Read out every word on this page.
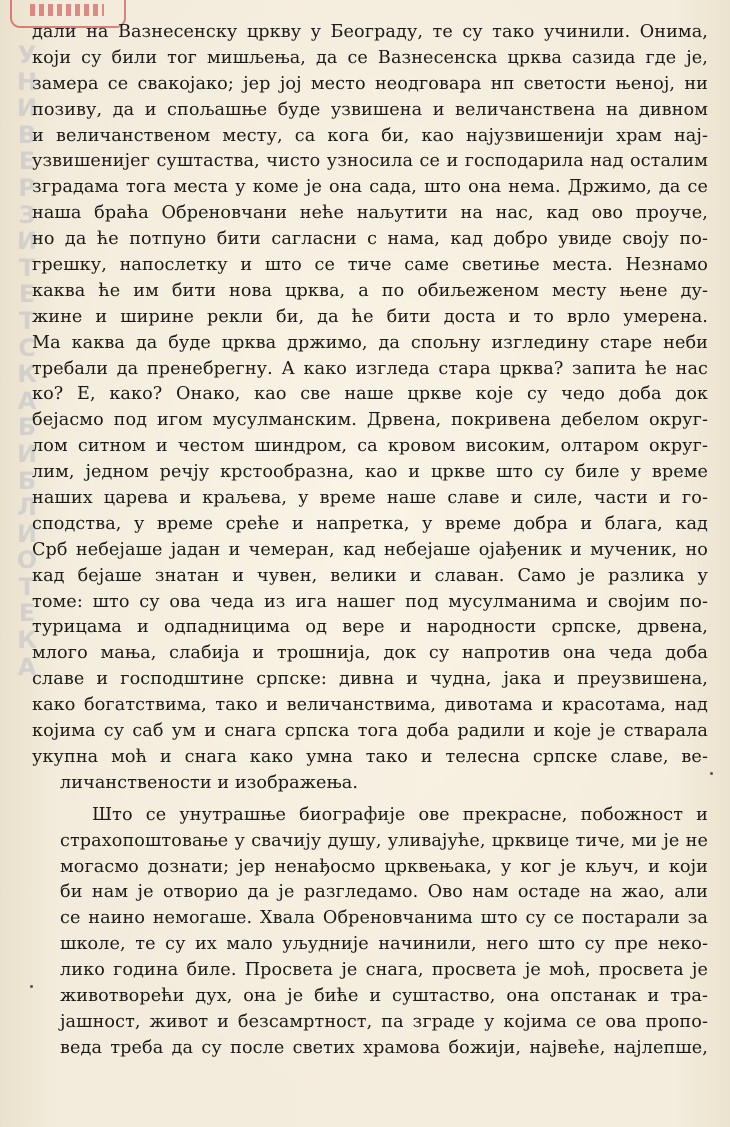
У
Н
И
В
Е
Р
З
И
Т
Е
Т
С
К
А
Б
И
Б
Л
И
О
Т
Е
К
А
дали на Вазнесенску цркву у Београду, те су тако учинили. Онима,
који су били тог мишљења, да се Вазнесенска црква сазида где је,
замера се свакојако; јер јој место неодговара нп светости њеној, ни
позиву, да и спољашње буде узвишена и величанствена на дивном
и величанственом месту, са кога би, као најузвишенији храм нај-
узвишенијег суштаства, чисто узносила се и господарила над осталим
зградама тога места у коме је она сада, што она нема. Држимо, да се
наша браћа Обреновчани неће наљутити на нас, кад ово проуче,
но да ће потпуно бити сагласни с нама, кад добро увиде своју по-
грешку, напослетку и што се тиче саме светиње места. Незнамо
каква ће им бити нова црква, а по обиљеженом месту њене ду-
жине и ширине рекли би, да ће бити доста и то врло умерена.
Ма каква да буде црква држимо, да спољну изгледину старе неби
требали да пренебрегну. А како изгледа стара црква? запита ће нас
ко? Е, како? Онако, као све наше цркве које су чедо доба док
бејасмо под игом мусулманским. Дрвена, покривена дебелом округ-
лом ситном и честом шиндром, са кровом високим, олтаром округ-
лим, једном речју крстообразна, као и цркве што су биле у време
наших царева и краљева, у време наше славе и силе, части и го-
сподства, у време среће и напретка, у време добра и блага, кад
Срб небејаше јадан и чемеран, кад небејаше ојађеник и мученик, но
кад бејаше знатан и чувен, велики и славан. Само је разлика у
томе: што су ова чеда из ига нашег под мусулманима и својим по-
турицама и одпадницима од вере и народности српске, дрвена,
млого мања, слабија и трошнија, док су напротив она чеда доба
славе и господштине српске: дивна и чудна, јака и преузвишена,
како богатствима, тако и величанствима, дивотама и красотама, над
којима су саб ум и снага српска тога доба радили и које је стварала
укупна моћ и снага како умна тако и телесна српске славе, ве-
личанствености и изображења.
Што се унутрашње биографије ове прекрасне, побожност и
страхопоштовање у свачију душу, уливајуће, црквице тиче, ми је не
могасмо дознати; јер ненађосмо црквењака, у ког је кључ, и који
би нам је отворио да је разгледамо. Ово нам остаде на жао, али
се наино немогаше. Хвала Обреновчанима што су се постарали за
школе, те су их мало уљудније начинили, него што су пре неко-
лико година биле. Просвета је снага, просвета је моћ, просвета је
животворећи дух, она је биће и суштаство, она опстанак и тра-
јашност, живот и безсамртност, па зграде у којима се ова пропо-
веда треба да су после светих храмова божији, највеће, најлепше,
